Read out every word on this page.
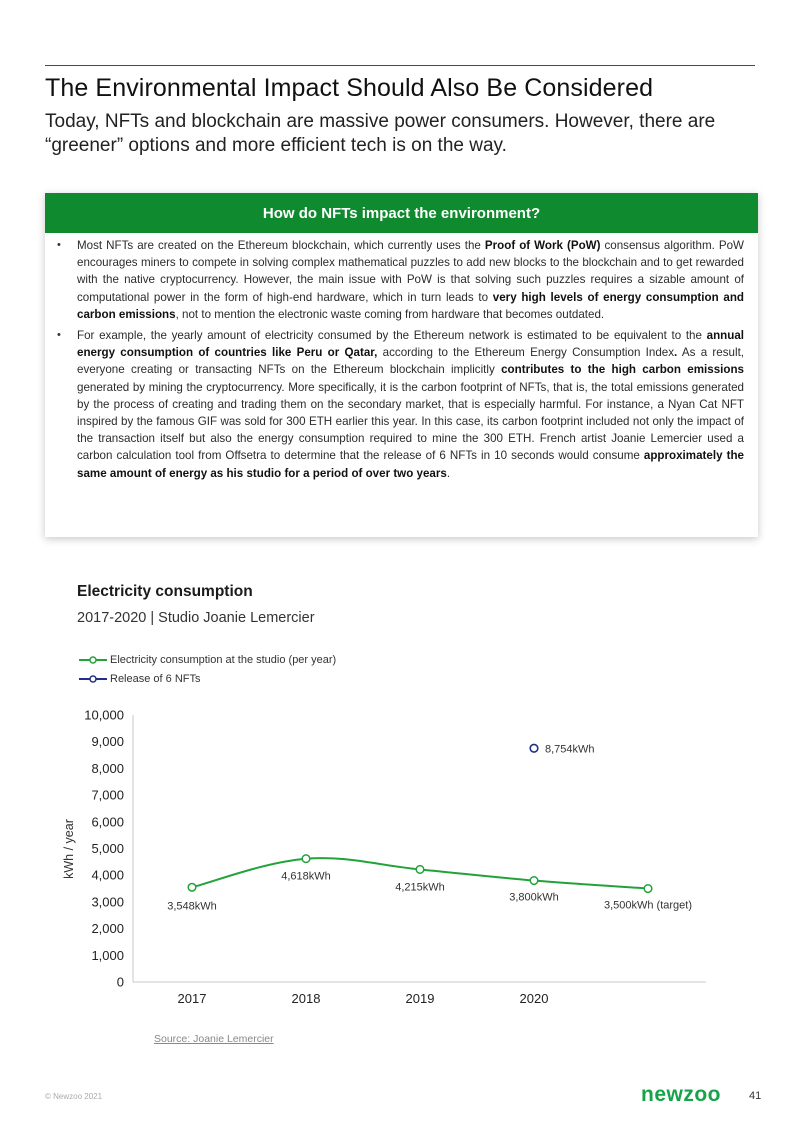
The Environmental Impact Should Also Be Considered

Today, NFTs and blockchain are massive power consumers. However, there are “greener” options and more efficient tech is on the way.

How do NFTs impact the environment?

• Most NFTs are created on the Ethereum blockchain, which currently uses the Proof of Work (PoW) consensus algorithm. PoW encourages miners to compete in solving complex mathematical puzzles to add new blocks to the blockchain and to get rewarded with the native cryptocurrency. However, the main issue with PoW is that solving such puzzles requires a sizable amount of computational power in the form of high-end hardware, which in turn leads to very high levels of energy consumption and carbon emissions, not to mention the electronic waste coming from hardware that becomes outdated.

• For example, the yearly amount of electricity consumed by the Ethereum network is estimated to be equivalent to the annual energy consumption of countries like Peru or Qatar, according to the Ethereum Energy Consumption Index. As a result, everyone creating or transacting NFTs on the Ethereum blockchain implicitly contributes to the high carbon emissions generated by mining the cryptocurrency. More specifically, it is the carbon footprint of NFTs, that is, the total emissions generated by the process of creating and trading them on the secondary market, that is especially harmful. For instance, a Nyan Cat NFT inspired by the famous GIF was sold for 300 ETH earlier this year. In this case, its carbon footprint included not only the impact of the transaction itself but also the energy consumption required to mine the 300 ETH. French artist Joanie Lemercier used a carbon calculation tool from Offsetra to determine that the release of 6 NFTs in 10 seconds would consume approximately the same amount of energy as his studio for a period of over two years.

Electricity consumption
2017-2020 | Studio Joanie Lemercier
Electricity consumption at the studio (per year)
Release of 6 NFTs
10,000
9,000
8,000
7,000
6,000
5,000
4,000
3,000
2,000
1,000
0
kWh / year
2017	2018	2019	2020
3,548kWh
4,618kWh
4,215kWh
3,800kWh
3,500kWh (target)
8,754kWh
Source: Joanie Lemercier
© Newzoo 2021	newzoo	41
